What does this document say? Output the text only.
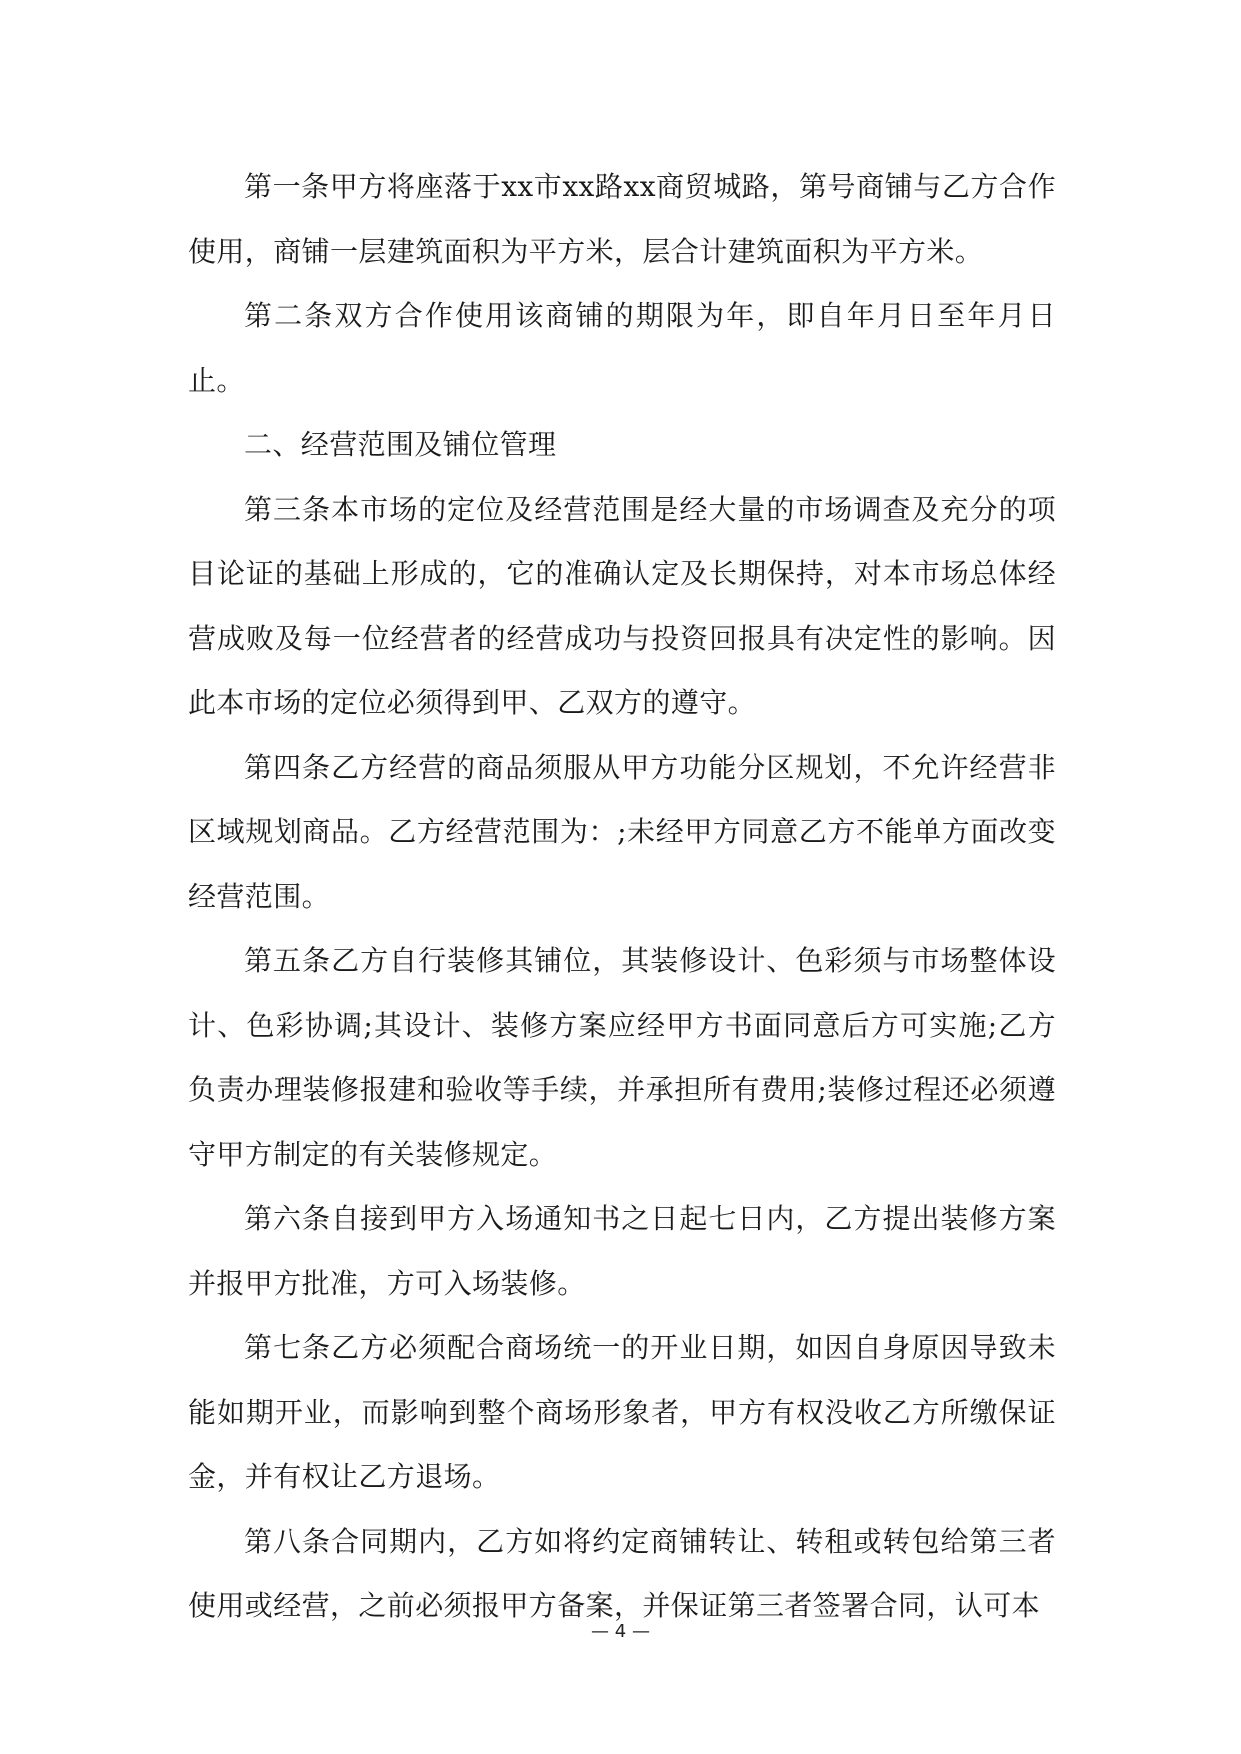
第一条甲方将座落于xx市xx路xx商贸城路，第号商铺与乙方合作使用，商铺一层建筑面积为平方米，层合计建筑面积为平方米。

第二条双方合作使用该商铺的期限为年，即自年月日至年月日止。

二、经营范围及铺位管理

第三条本市场的定位及经营范围是经大量的市场调查及充分的项目论证的基础上形成的，它的准确认定及长期保持，对本市场总体经营成败及每一位经营者的经营成功与投资回报具有决定性的影响。因此本市场的定位必须得到甲、乙双方的遵守。

第四条乙方经营的商品须服从甲方功能分区规划，不允许经营非区域规划商品。乙方经营范围为：;未经甲方同意乙方不能单方面改变经营范围。

第五条乙方自行装修其铺位，其装修设计、色彩须与市场整体设计、色彩协调;其设计、装修方案应经甲方书面同意后方可实施;乙方负责办理装修报建和验收等手续，并承担所有费用;装修过程还必须遵守甲方制定的有关装修规定。

第六条自接到甲方入场通知书之日起七日内，乙方提出装修方案并报甲方批准，方可入场装修。

第七条乙方必须配合商场统一的开业日期，如因自身原因导致未能如期开业，而影响到整个商场形象者，甲方有权没收乙方所缴保证金，并有权让乙方退场。

第八条合同期内，乙方如将约定商铺转让、转租或转包给第三者使用或经营，之前必须报甲方备案，并保证第三者签署合同，认可本

— 4 —
